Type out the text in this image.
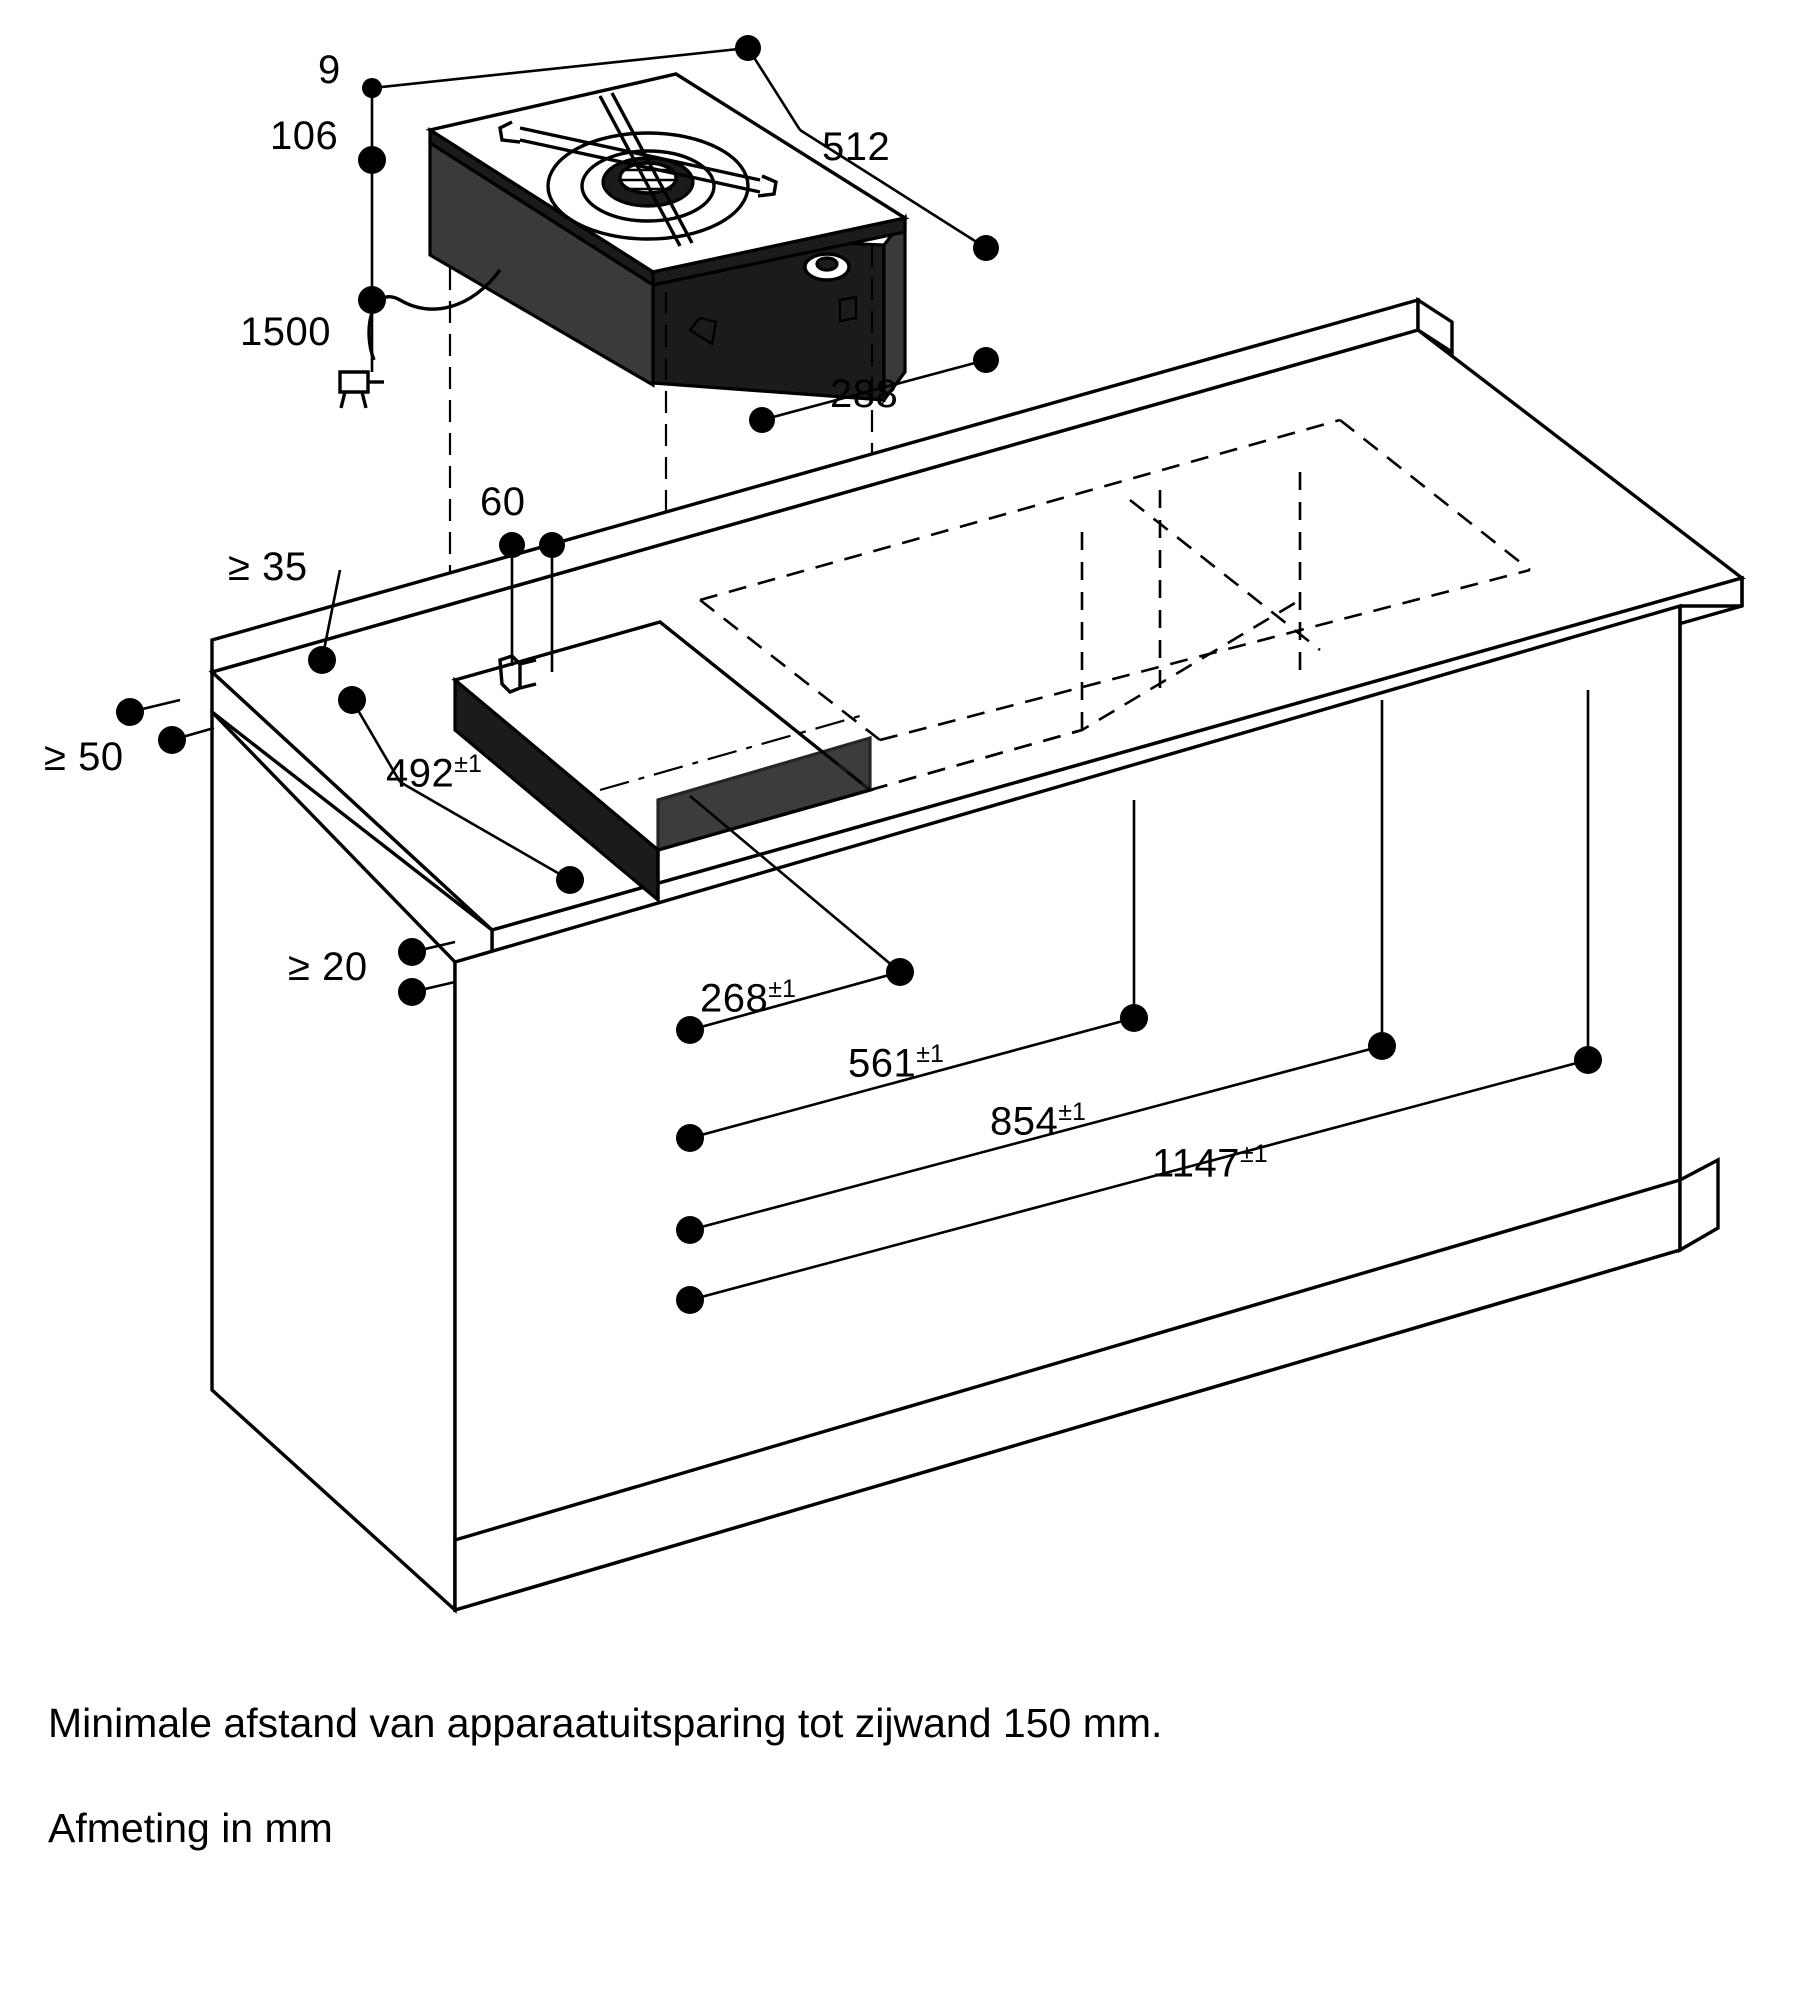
9
106	512
1500
288
60
≥ 35
≥ 50
≥ 20
$492^{\pm 1}$
$268^{\pm 1}$
$561^{\pm 1}$
$854^{\pm 1}$
$1147^{\pm 1}$
Minimale afstand van apparaatuitsparing tot zijwand 150 mm.
Afmeting in mm
